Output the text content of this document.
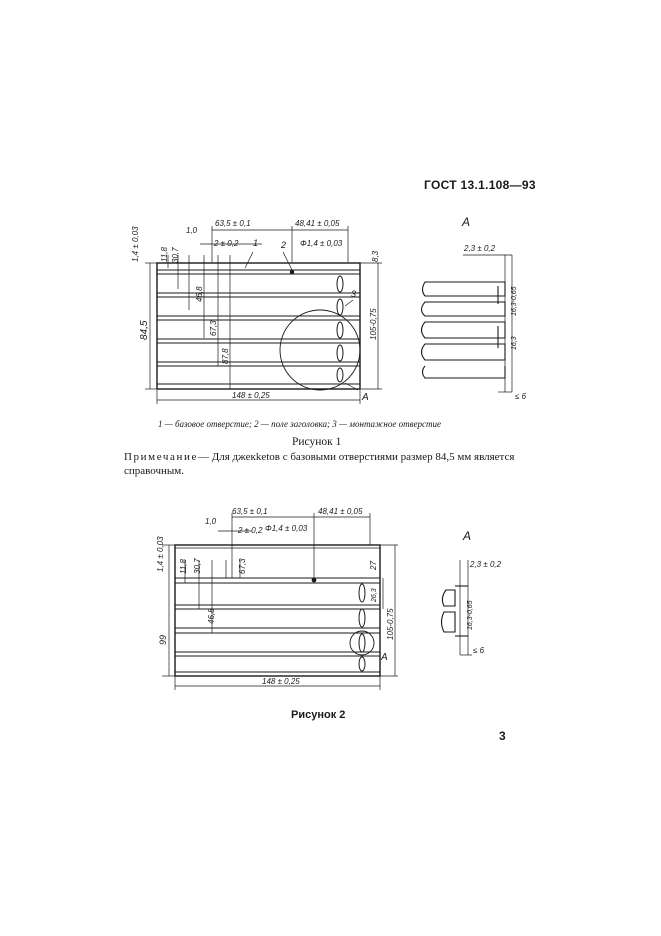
ГОСТ 13.1.108—93
63,5 ± 0,1	48,41 ± 0,05
1,0
2 ± 0,2	Φ1,4 ± 0,03
1	2
3
1,4 ± 0,03	11,8 30,7
46,8
67,3
87,8
84,5	105-0,75
8,3
148 ± 0,25	A
A
2,3 ± 0,2
16,3-0,65
16,3
≤ 6
63,5 ± 0,1	48,41 ± 0,05
1,0
2 ± 0,2 Φ1,4 ± 0,03
1,4 ± 0,03 11,8 30,7	67,3
46,8
99
27
26,3
105-0,75
148 ± 0,25
A
A
2,3 ± 0,2
16,3-0,65
≤ 6
1 — базовое отверстие; 2 — поле заголовка; 3 — монтажное отверстие
Рисунок 1
Примечание— Для джекketов с базовыми отверстиями размер 84,5 мм является справочным.
Рисунок 2
3
